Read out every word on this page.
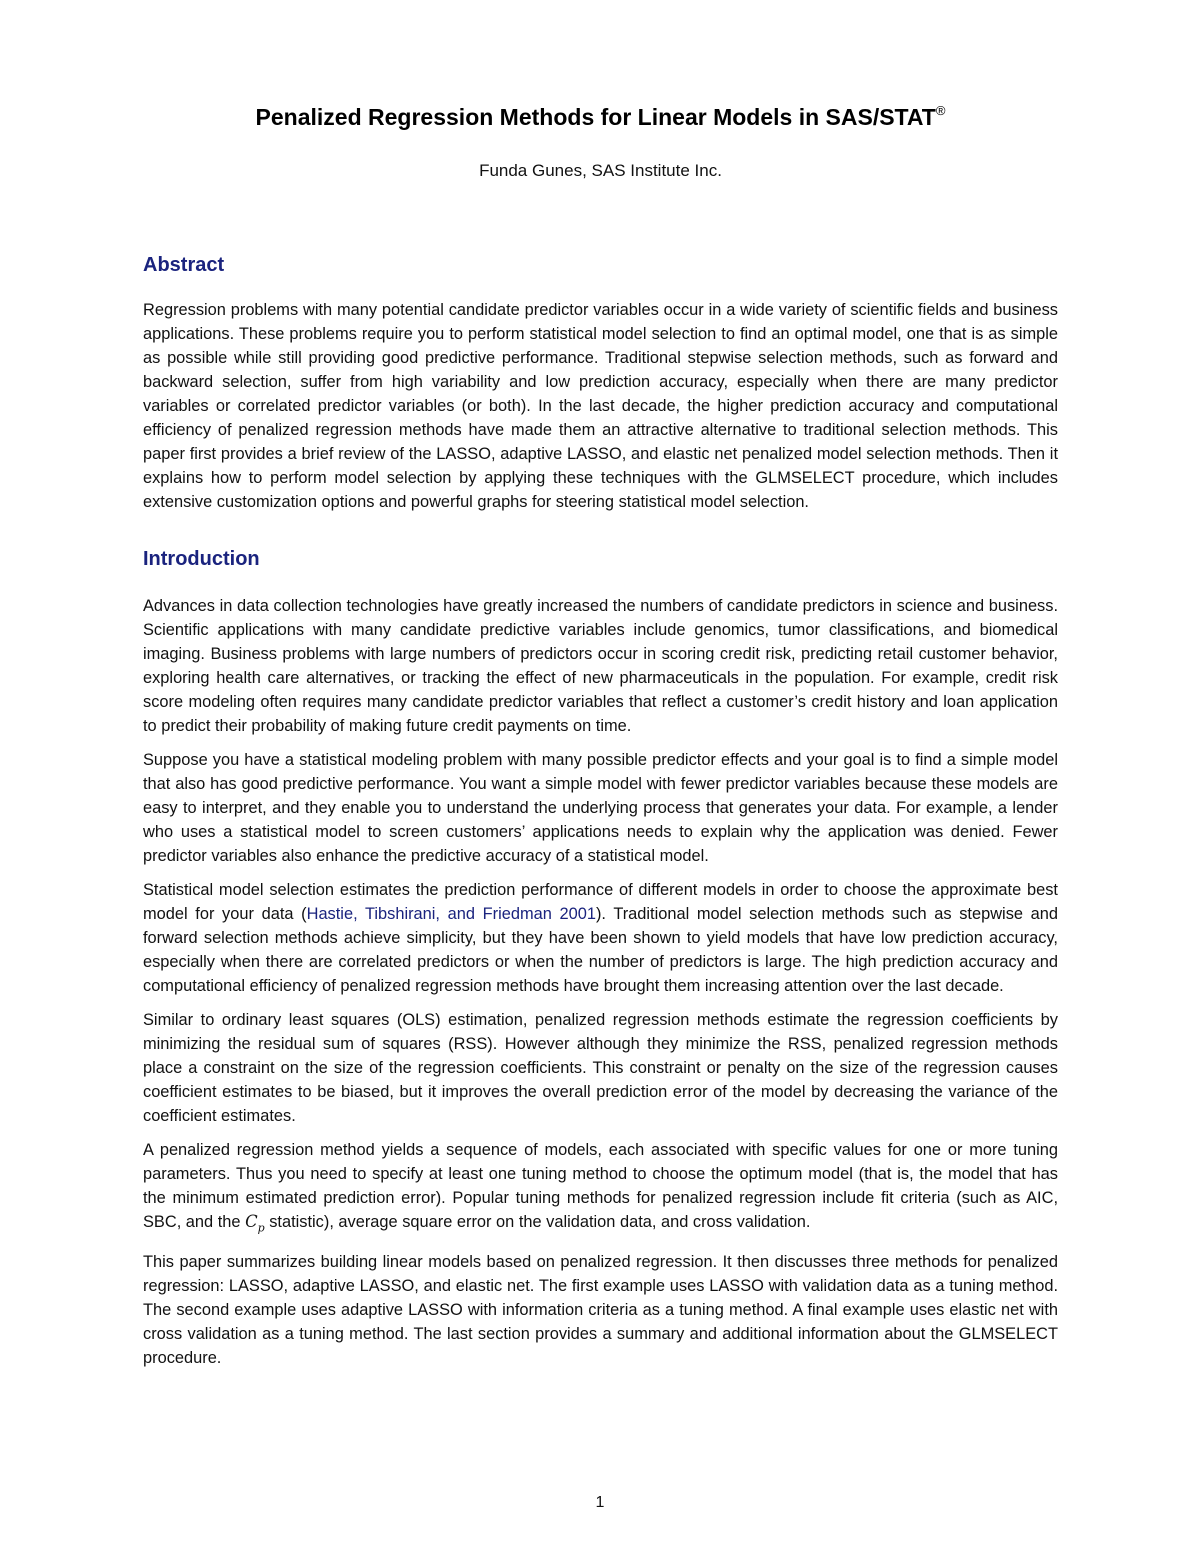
Penalized Regression Methods for Linear Models in SAS/STAT®
Funda Gunes, SAS Institute Inc.
Abstract

Regression problems with many potential candidate predictor variables occur in a wide variety of scientific fields and business applications. These problems require you to perform statistical model selection to find an optimal model, one that is as simple as possible while still providing good predictive performance. Traditional stepwise selection methods, such as forward and backward selection, suffer from high variability and low prediction accuracy, especially when there are many predictor variables or correlated predictor variables (or both). In the last decade, the higher prediction accuracy and computational efficiency of penalized regression methods have made them an attractive alternative to traditional selection methods. This paper first provides a brief review of the LASSO, adaptive LASSO, and elastic net penalized model selection methods. Then it explains how to perform model selection by applying these techniques with the GLMSELECT procedure, which includes extensive customization options and powerful graphs for steering statistical model selection.

Introduction

Advances in data collection technologies have greatly increased the numbers of candidate predictors in science and business. Scientific applications with many candidate predictive variables include genomics, tumor classifications, and biomedical imaging. Business problems with large numbers of predictors occur in scoring credit risk, predicting retail customer behavior, exploring health care alternatives, or tracking the effect of new pharmaceuticals in the population. For example, credit risk score modeling often requires many candidate predictor variables that reflect a customer’s credit history and loan application to predict their probability of making future credit payments on time.

Suppose you have a statistical modeling problem with many possible predictor effects and your goal is to find a simple model that also has good predictive performance. You want a simple model with fewer predictor variables because these models are easy to interpret, and they enable you to understand the underlying process that generates your data. For example, a lender who uses a statistical model to screen customers’ applications needs to explain why the application was denied. Fewer predictor variables also enhance the predictive accuracy of a statistical model.

Statistical model selection estimates the prediction performance of different models in order to choose the approximate best model for your data (Hastie, Tibshirani, and Friedman 2001). Traditional model selection methods such as stepwise and forward selection methods achieve simplicity, but they have been shown to yield models that have low prediction accuracy, especially when there are correlated predictors or when the number of predictors is large. The high prediction accuracy and computational efficiency of penalized regression methods have brought them increasing attention over the last decade.

Similar to ordinary least squares (OLS) estimation, penalized regression methods estimate the regression coefficients by minimizing the residual sum of squares (RSS). However although they minimize the RSS, penalized regression methods place a constraint on the size of the regression coefficients. This constraint or penalty on the size of the regression causes coefficient estimates to be biased, but it improves the overall prediction error of the model by decreasing the variance of the coefficient estimates.

A penalized regression method yields a sequence of models, each associated with specific values for one or more tuning parameters. Thus you need to specify at least one tuning method to choose the optimum model (that is, the model that has the minimum estimated prediction error). Popular tuning methods for penalized regression include fit criteria (such as AIC, SBC, and the $C_p$ statistic), average square error on the validation data, and cross validation.

This paper summarizes building linear models based on penalized regression. It then discusses three methods for penalized regression: LASSO, adaptive LASSO, and elastic net. The first example uses LASSO with validation data as a tuning method. The second example uses adaptive LASSO with information criteria as a tuning method. A final example uses elastic net with cross validation as a tuning method. The last section provides a summary and additional information about the GLMSELECT procedure.

1
